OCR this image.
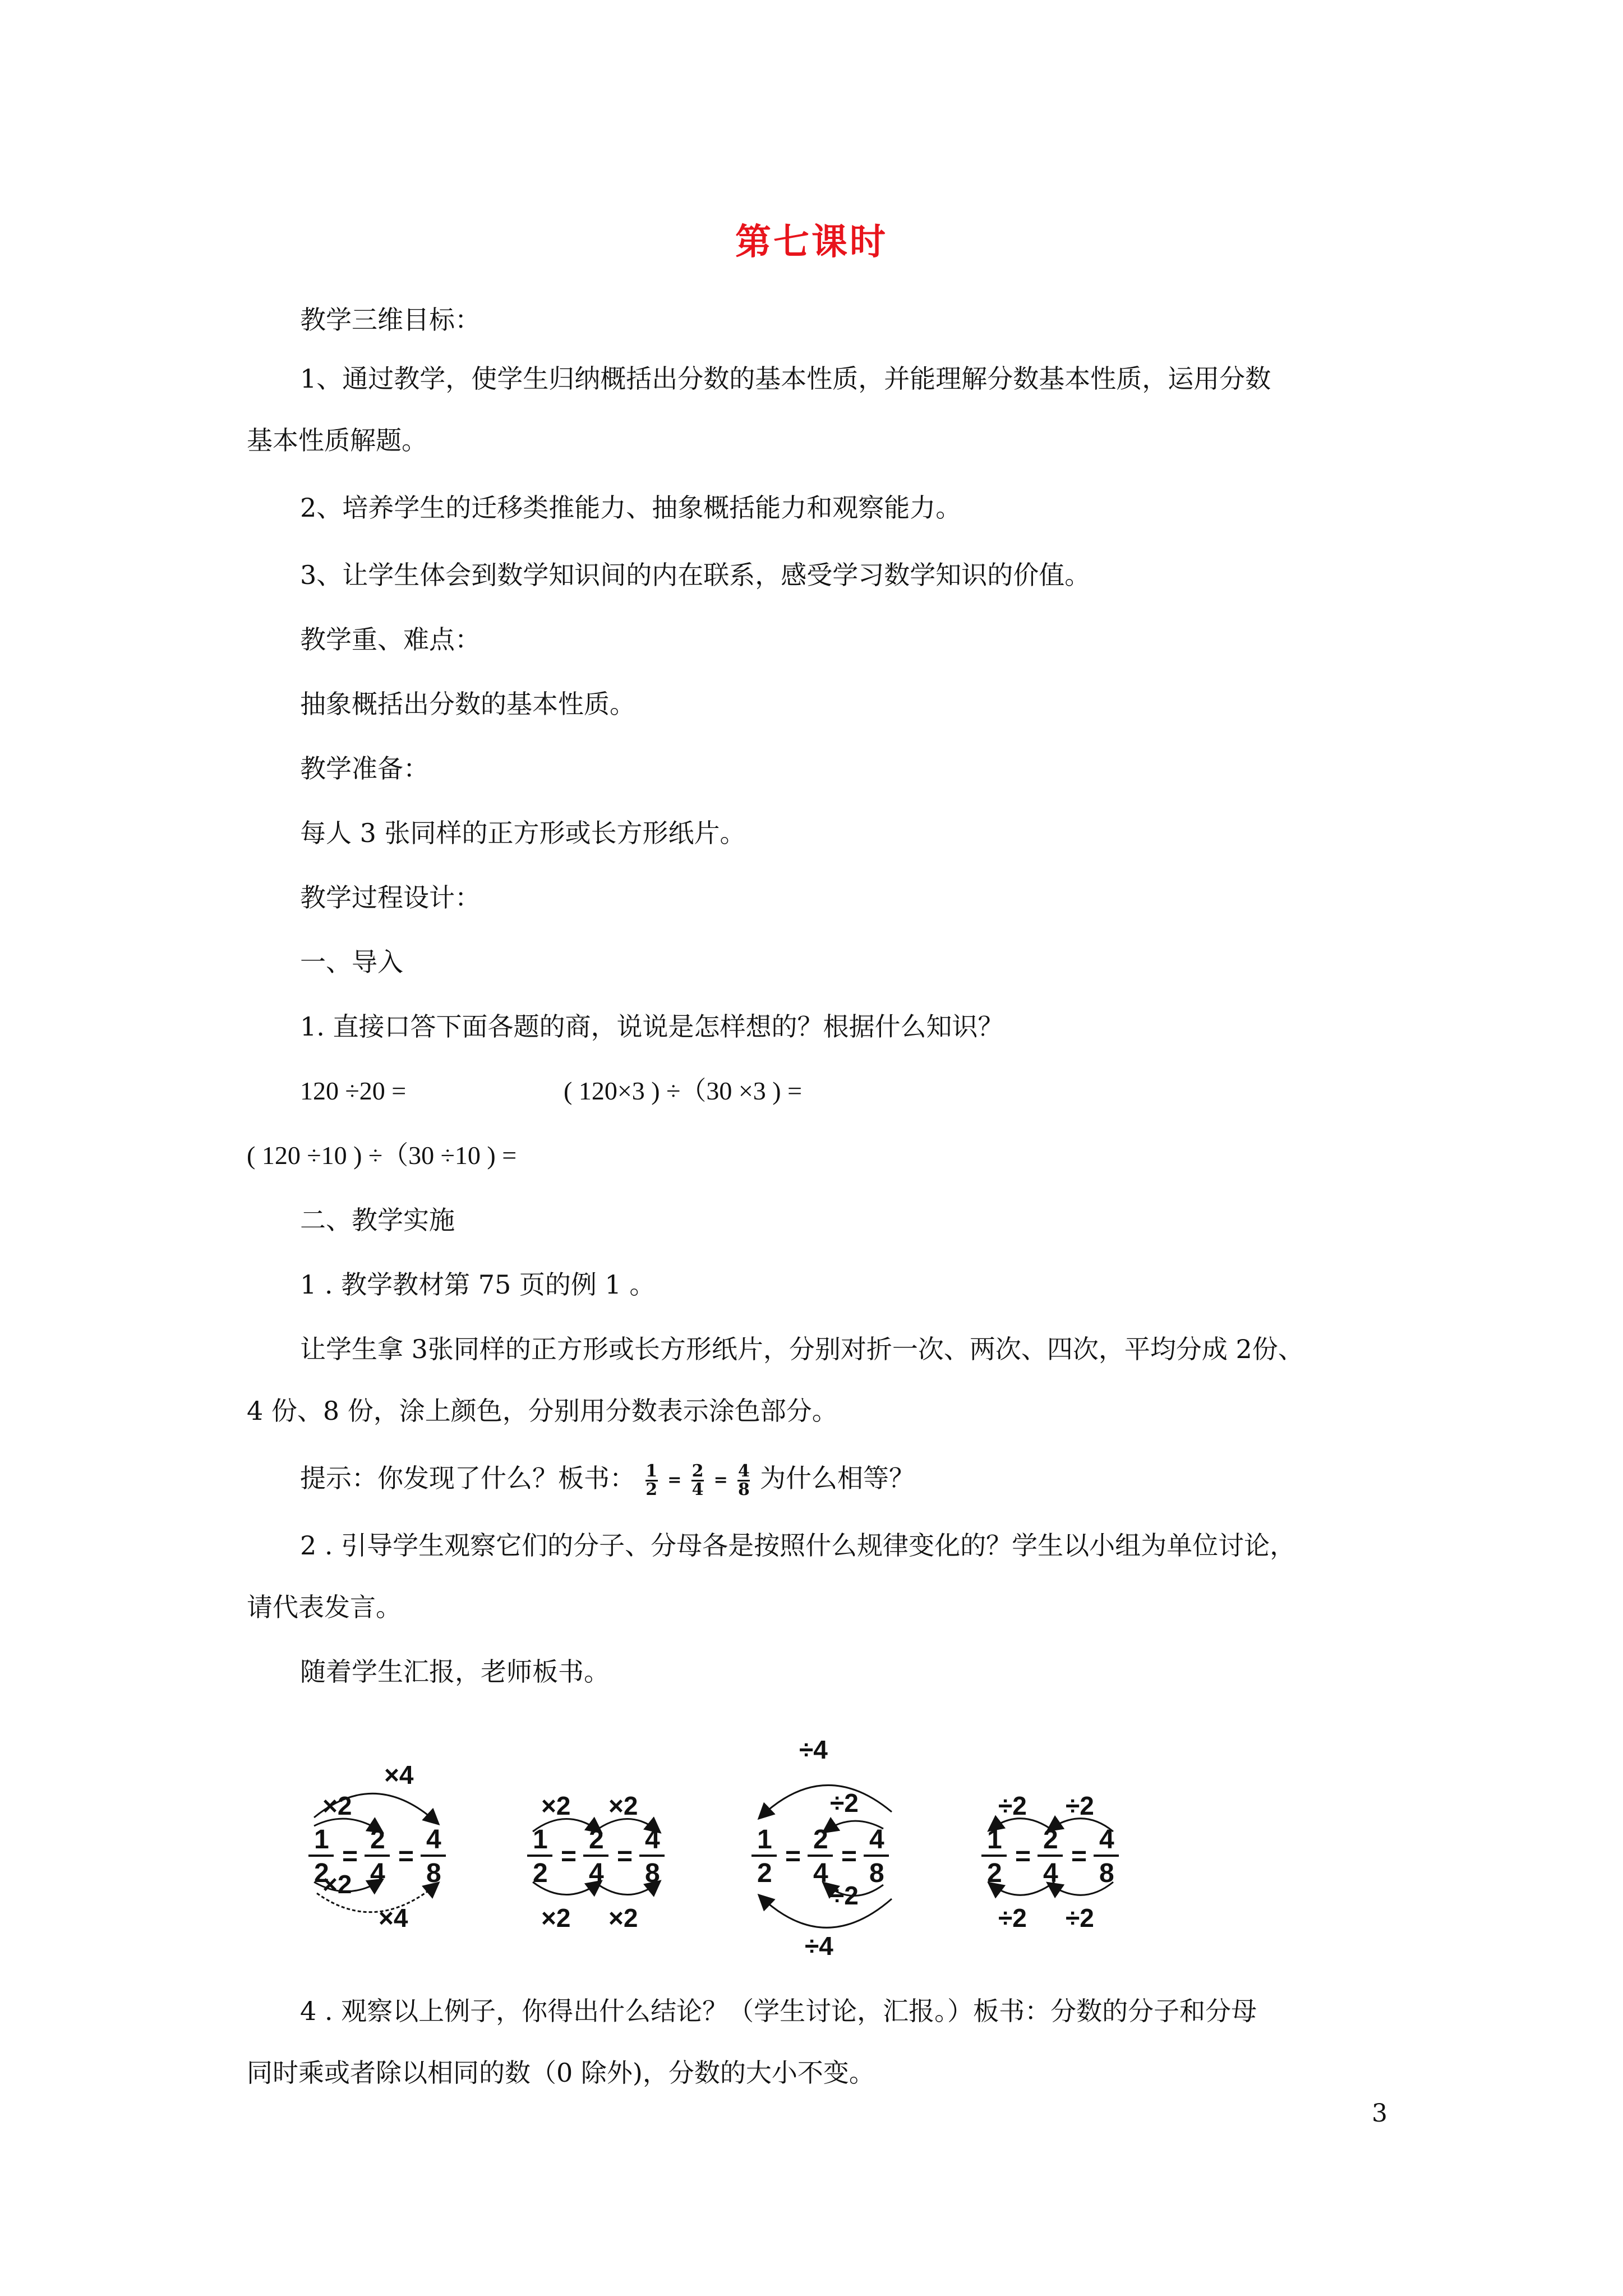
第七课时
教学三维目标：
1、通过教学，使学生归纳概括出分数的基本性质，并能理解分数基本性质，运用分数
基本性质解题。
2、培养学生的迁移类推能力、抽象概括能力和观察能力。
3、让学生体会到数学知识间的内在联系，感受学习数学知识的价值。
教学重、难点：
抽象概括出分数的基本性质。
教学准备：
每人 3 张同样的正方形或长方形纸片。
教学过程设计：
一、导入
1. 直接口答下面各题的商，说说是怎样想的？根据什么知识？
120 ÷20 =	( 120×3 ) ÷（30 ×3 ) =
( 120 ÷10 ) ÷（30 ÷10 ) =
二、教学实施
1 . 教学教材第 75 页的例 1 。
让学生拿 3张同样的正方形或长方形纸片，分别对折一次、两次、四次，平均分成 2份、
4 份、8 份，涂上颜色，分别用分数表示涂色部分。
提示：你发现了什么？板书： $\frac{1}{2} = \frac{2}{4} = \frac{4}{8}$ 为什么相等？
2 . 引导学生观察它们的分子、分母各是按照什么规律变化的？学生以小组为单位讨论，
请代表发言。
随着学生汇报，老师板书。
×4
×2
×2
×4
1
2
=
2
4
=
4
8
×2 ×2
×2 ×2
1
2
=
2
4
=
4
8
÷4
÷2
÷2
÷4
1
2
=
2
4
=
4
8
÷2 ÷2
÷2 ÷2
1
2
=
2
4
=
4
8
4 . 观察以上例子，你得出什么结论？（学生讨论，汇报。）板书：分数的分子和分母
同时乘或者除以相同的数（0 除外)，分数的大小不变。
3
